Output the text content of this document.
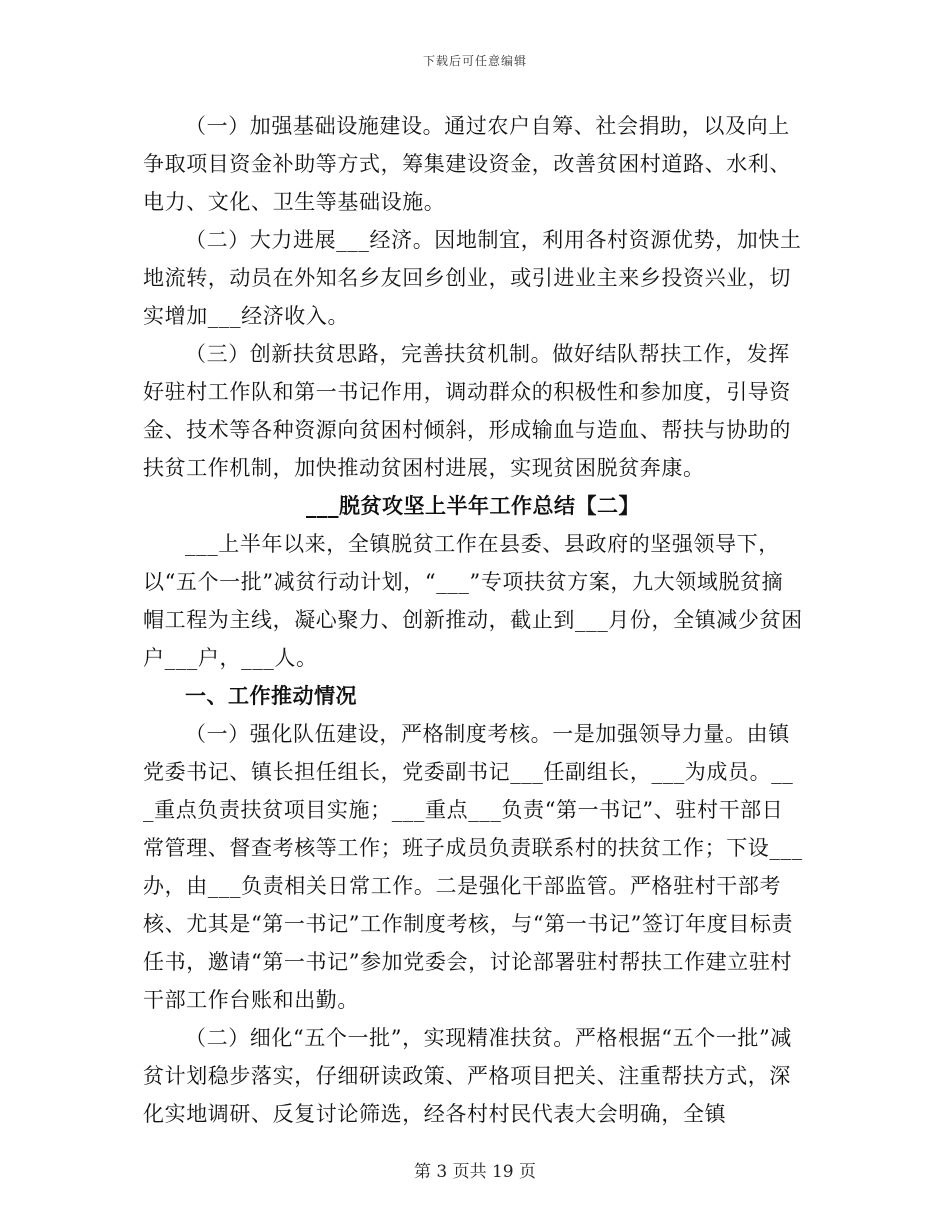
下载后可任意编辑

（一）加强基础设施建设。通过农户自筹、社会捐助，以及向上争取项目资金补助等方式，筹集建设资金，改善贫困村道路、水利、电力、文化、卫生等基础设施。

（二）大力进展___经济。因地制宜，利用各村资源优势，加快土地流转，动员在外知名乡友回乡创业，或引进业主来乡投资兴业，切实增加___经济收入。

（三）创新扶贫思路，完善扶贫机制。做好结队帮扶工作，发挥好驻村工作队和第一书记作用，调动群众的积极性和参加度，引导资金、技术等各种资源向贫困村倾斜，形成输血与造血、帮扶与协助的扶贫工作机制，加快推动贫困村进展，实现贫困脱贫奔康。

___脱贫攻坚上半年工作总结【二】

___上半年以来，全镇脱贫工作在县委、县政府的坚强领导下，以“五个一批”减贫行动计划，“___”专项扶贫方案，九大领域脱贫摘帽工程为主线，凝心聚力、创新推动，截止到___月份，全镇减少贫困户___户，___人。

一、工作推动情况

（一）强化队伍建设，严格制度考核。一是加强领导力量。由镇党委书记、镇长担任组长，党委副书记___任副组长，___为成员。___重点负责扶贫项目实施；___重点___负责“第一书记”、驻村干部日常管理、督查考核等工作；班子成员负责联系村的扶贫工作；下设___办，由___负责相关日常工作。二是强化干部监管。严格驻村干部考核、尤其是“第一书记”工作制度考核，与“第一书记”签订年度目标责任书，邀请“第一书记”参加党委会，讨论部署驻村帮扶工作建立驻村干部工作台账和出勤。

（二）细化“五个一批”，实现精准扶贫。严格根据“五个一批”减贫计划稳步落实，仔细研读政策、严格项目把关、注重帮扶方式，深化实地调研、反复讨论筛选，经各村村民代表大会明确，全镇

第 3 页共 19 页
